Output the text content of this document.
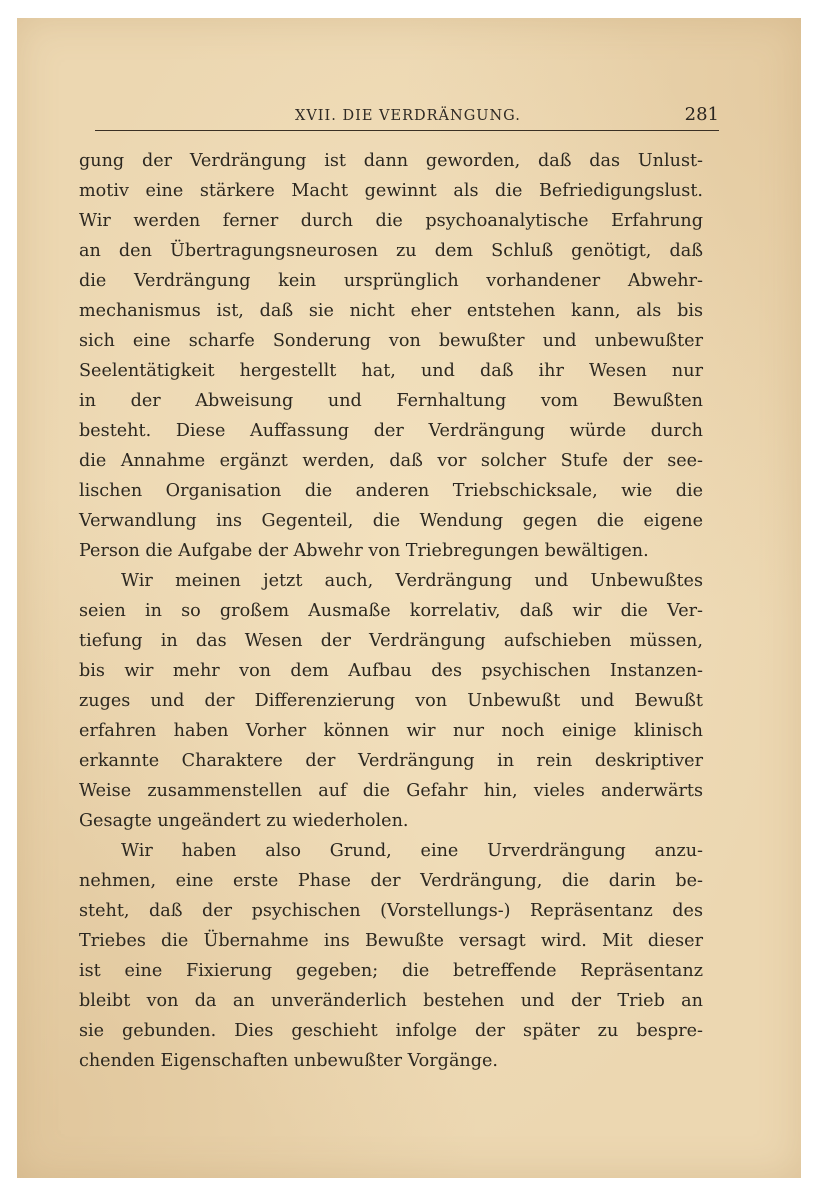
XVII. DIE VERDRÄNGUNG.	281
gung der Verdrängung ist dann geworden, daß das Unlust-
motiv eine stärkere Macht gewinnt als die Befriedigungslust.
Wir werden ferner durch die psychoanalytische Erfahrung
an den Übertragungsneurosen zu dem Schluß genötigt, daß
die Verdrängung kein ursprünglich vorhandener Abwehr-
mechanismus ist, daß sie nicht eher entstehen kann, als bis
sich eine scharfe Sonderung von bewußter und unbewußter
Seelentätigkeit hergestellt hat, und daß ihr Wesen nur
in der Abweisung und Fernhaltung vom Bewußten
besteht. Diese Auffassung der Verdrängung würde durch
die Annahme ergänzt werden, daß vor solcher Stufe der see-
lischen Organisation die anderen Triebschicksale, wie die
Verwandlung ins Gegenteil, die Wendung gegen die eigene
Person die Aufgabe der Abwehr von Triebregungen bewältigen.
Wir meinen jetzt auch, Verdrängung und Unbewußtes
seien in so großem Ausmaße korrelativ, daß wir die Ver-
tiefung in das Wesen der Verdrängung aufschieben müssen,
bis wir mehr von dem Aufbau des psychischen Instanzen-
zuges und der Differenzierung von Unbewußt und Bewußt
erfahren haben Vorher können wir nur noch einige klinisch
erkannte Charaktere der Verdrängung in rein deskriptiver
Weise zusammenstellen auf die Gefahr hin, vieles anderwärts
Gesagte ungeändert zu wiederholen.
Wir haben also Grund, eine Urverdrängung anzu-
nehmen, eine erste Phase der Verdrängung, die darin be-
steht, daß der psychischen (Vorstellungs-) Repräsentanz des
Triebes die Übernahme ins Bewußte versagt wird. Mit dieser
ist eine Fixierung gegeben; die betreffende Repräsentanz
bleibt von da an unveränderlich bestehen und der Trieb an
sie gebunden. Dies geschieht infolge der später zu bespre-
chenden Eigenschaften unbewußter Vorgänge.
